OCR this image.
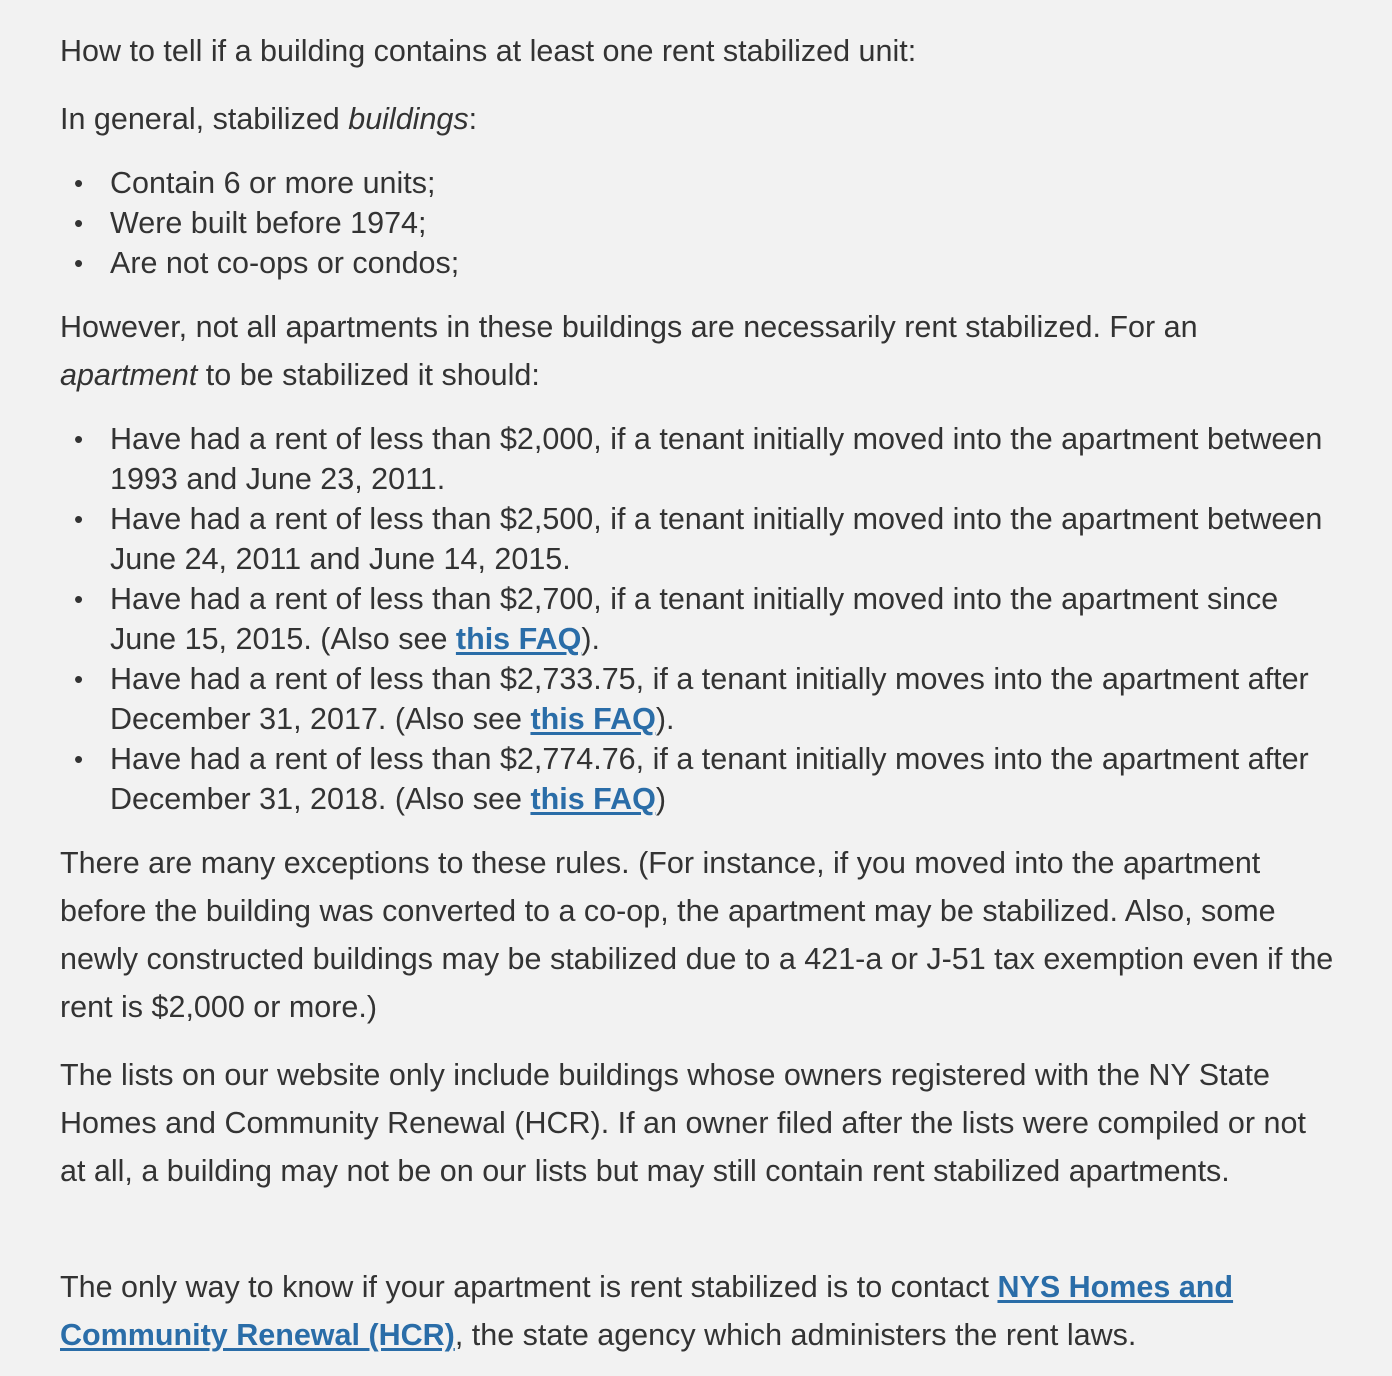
How to tell if a building contains at least one rent stabilized unit:

In general, stabilized buildings:

• Contain 6 or more units;
• Were built before 1974;
• Are not co-ops or condos;

However, not all apartments in these buildings are necessarily rent stabilized. For an apartment to be stabilized it should:

• Have had a rent of less than $2,000, if a tenant initially moved into the apartment between 1993 and June 23, 2011.
• Have had a rent of less than $2,500, if a tenant initially moved into the apartment between June 24, 2011 and June 14, 2015.
• Have had a rent of less than $2,700, if a tenant initially moved into the apartment since June 15, 2015. (Also see this FAQ).
• Have had a rent of less than $2,733.75, if a tenant initially moves into the apartment after December 31, 2017. (Also see this FAQ).
• Have had a rent of less than $2,774.76, if a tenant initially moves into the apartment after December 31, 2018. (Also see this FAQ)

There are many exceptions to these rules. (For instance, if you moved into the apartment before the building was converted to a co-op, the apartment may be stabilized. Also, some newly constructed buildings may be stabilized due to a 421-a or J-51 tax exemption even if the rent is $2,000 or more.)

The lists on our website only include buildings whose owners registered with the NY State Homes and Community Renewal (HCR). If an owner filed after the lists were compiled or not at all, a building may not be on our lists but may still contain rent stabilized apartments.

The only way to know if your apartment is rent stabilized is to contact NYS Homes and Community Renewal (HCR), the state agency which administers the rent laws.
